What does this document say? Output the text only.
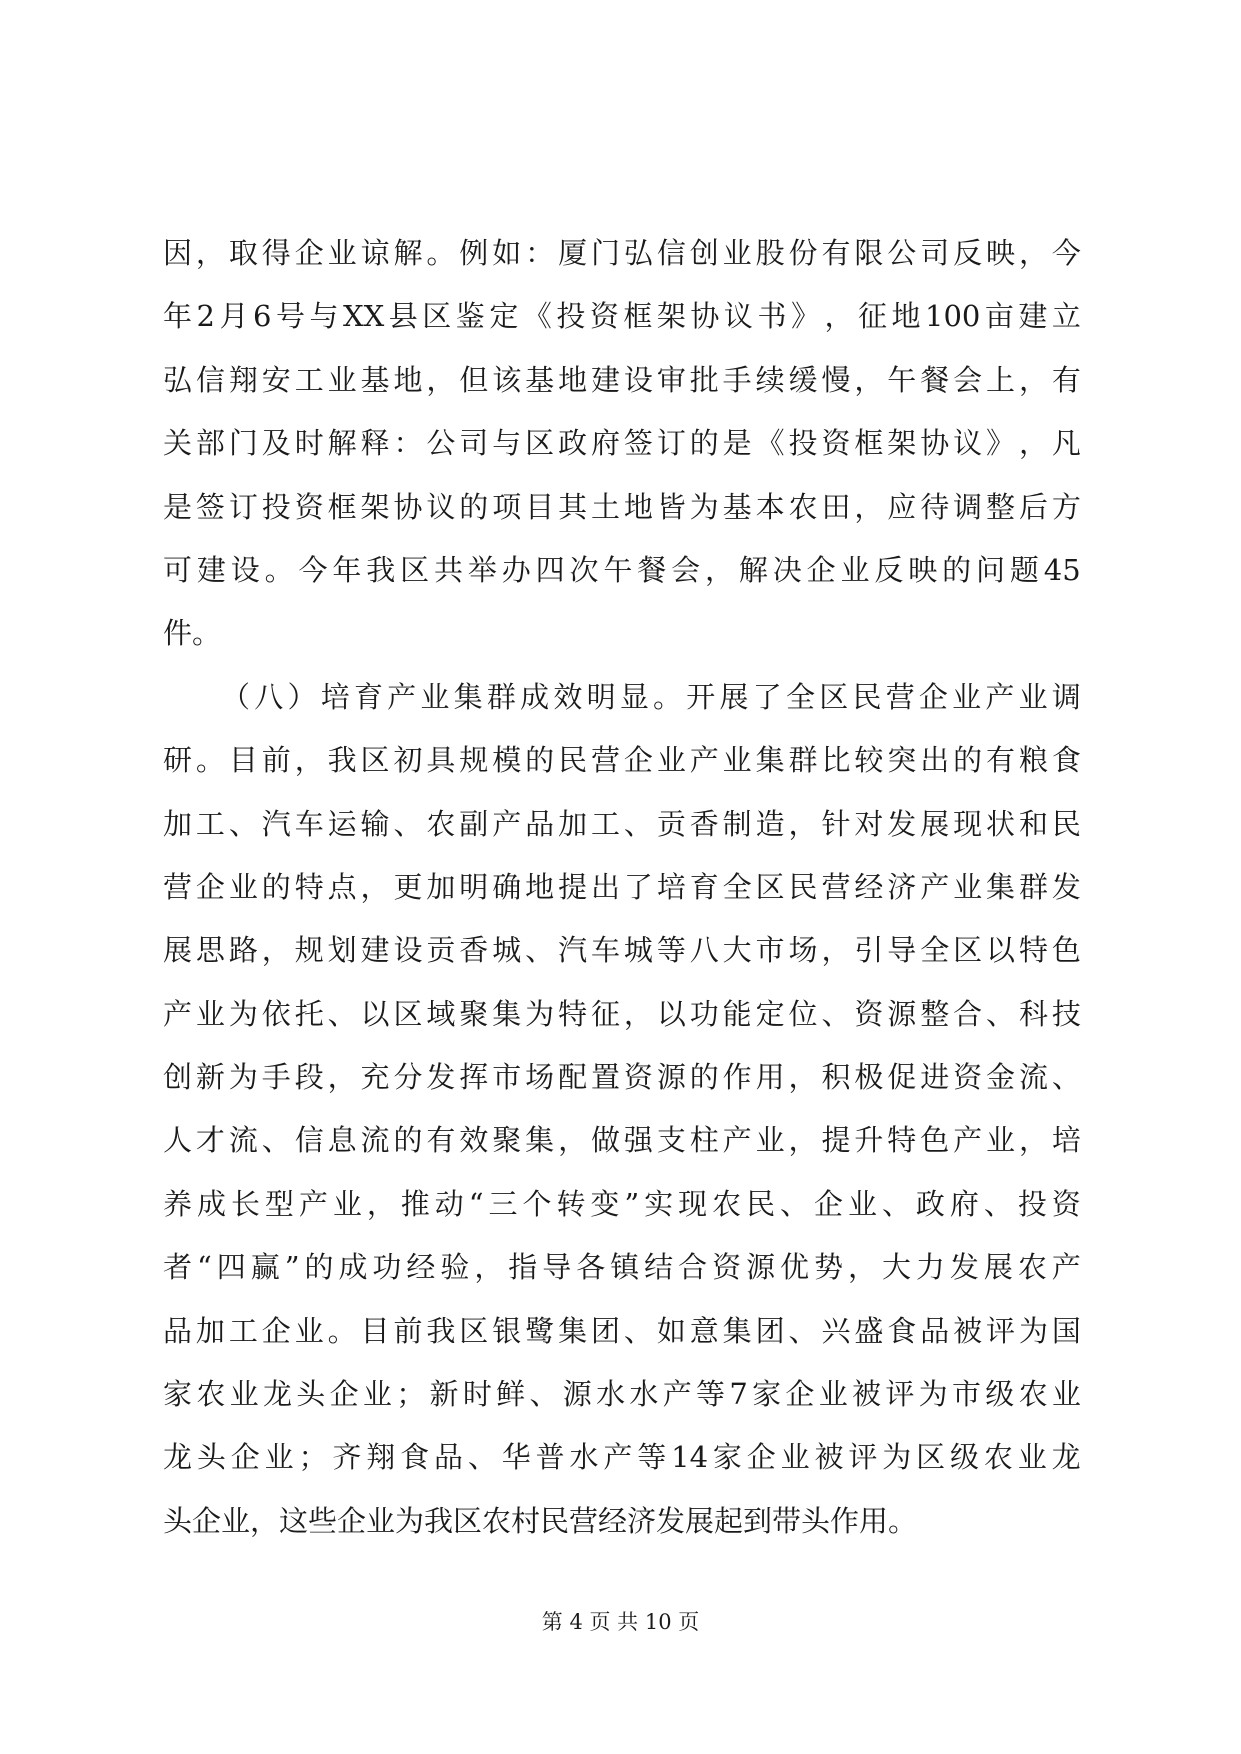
因 ， 取 得 企 业 谅 解 。 例 如 ： 厦 门 弘 信 创 业 股 份 有 限 公 司 反 映 ， 今
年 2 月 6 号 与 XX 县 区 鉴 定 《 投 资 框 架 协 议 书 》 ， 征 地 100 亩 建 立
弘 信 翔 安 工 业 基 地 ， 但 该 基 地 建 设 审 批 手 续 缓 慢 ， 午 餐 会 上 ， 有
关 部 门 及 时 解 释 ： 公 司 与 区 政 府 签 订 的 是 《 投 资 框 架 协 议 》 ， 凡
是 签 订 投 资 框 架 协 议 的 项 目 其 土 地 皆 为 基 本 农 田 ， 应 待 调 整 后 方
可 建 设 。 今 年 我 区 共 举 办 四 次 午 餐 会 ， 解 决 企 业 反 映 的 问 题 45
件。
（ 八 ） 培 育 产 业 集 群 成 效 明 显 。 开 展 了 全 区 民 营 企 业 产 业 调
研 。 目 前 ， 我 区 初 具 规 模 的 民 营 企 业 产 业 集 群 比 较 突 出 的 有 粮 食
加 工 、 汽 车 运 输 、 农 副 产 品 加 工 、 贡 香 制 造 ， 针 对 发 展 现 状 和 民
营 企 业 的 特 点 ， 更 加 明 确 地 提 出 了 培 育 全 区 民 营 经 济 产 业 集 群 发
展 思 路 ， 规 划 建 设 贡 香 城 、 汽 车 城 等 八 大 市 场 ， 引 导 全 区 以 特 色
产 业 为 依 托 、 以 区 域 聚 集 为 特 征 ， 以 功 能 定 位 、 资 源 整 合 、 科 技
创 新 为 手 段 ， 充 分 发 挥 市 场 配 置 资 源 的 作 用 ， 积 极 促 进 资 金 流 、
人 才 流 、 信 息 流 的 有 效 聚 集 ， 做 强 支 柱 产 业 ， 提 升 特 色 产 业 ， 培
养 成 长 型 产 业 ， 推 动 “ 三 个 转 变 ” 实 现 农 民 、 企 业 、 政 府 、 投 资
者 “ 四 赢 ” 的 成 功 经 验 ， 指 导 各 镇 结 合 资 源 优 势 ， 大 力 发 展 农 产
品 加 工 企 业 。 目 前 我 区 银 鹭 集 团 、 如 意 集 团 、 兴 盛 食 品 被 评 为 国
家 农 业 龙 头 企 业 ； 新 时 鲜 、 源 水 水 产 等 7 家 企 业 被 评 为 市 级 农 业
龙 头 企 业 ； 齐 翔 食 品 、 华 普 水 产 等 14 家 企 业 被 评 为 区 级 农 业 龙
头企业，这些企业为我区农村民营经济发展起到带头作用。
第 4 页 共 10 页
